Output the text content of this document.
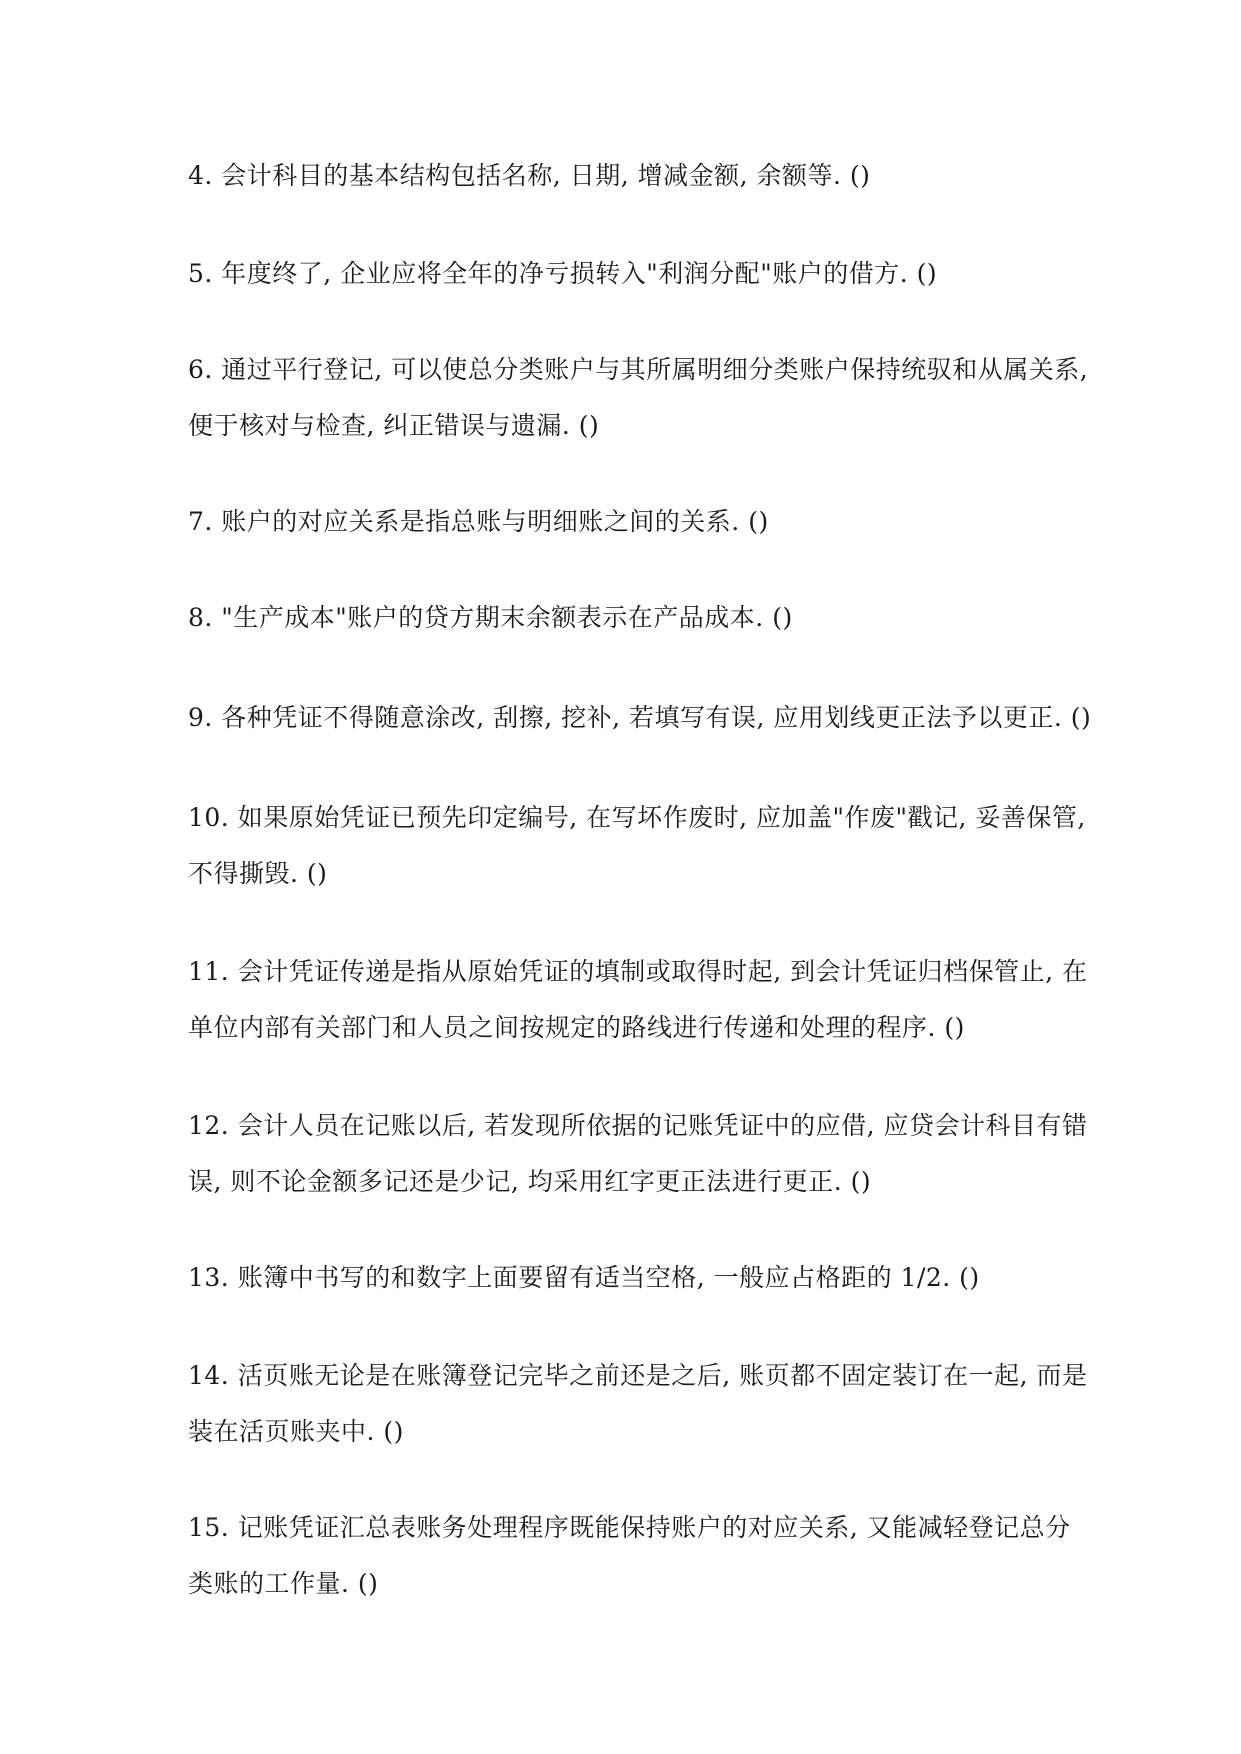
4. 会计科目的基本结构包括名称, 日期, 增减金额, 余额等. ()
5. 年度终了, 企业应将全年的净亏损转入"利润分配"账户的借方. ()
6. 通过平行登记, 可以使总分类账户与其所属明细分类账户保持统驭和从属关系,
便于核对与检查, 纠正错误与遗漏. ()
7. 账户的对应关系是指总账与明细账之间的关系. ()
8. "生产成本"账户的贷方期末余额表示在产品成本. ()
9. 各种凭证不得随意涂改, 刮擦, 挖补, 若填写有误, 应用划线更正法予以更正. ()
10. 如果原始凭证已预先印定编号, 在写坏作废时, 应加盖"作废"戳记, 妥善保管,
不得撕毁. ()
11. 会计凭证传递是指从原始凭证的填制或取得时起, 到会计凭证归档保管止, 在
单位内部有关部门和人员之间按规定的路线进行传递和处理的程序. ()
12. 会计人员在记账以后, 若发现所依据的记账凭证中的应借, 应贷会计科目有错
误, 则不论金额多记还是少记, 均采用红字更正法进行更正. ()
13. 账簿中书写的和数字上面要留有适当空格, 一般应占格距的 1/2. ()
14. 活页账无论是在账簿登记完毕之前还是之后, 账页都不固定装订在一起, 而是
装在活页账夹中. ()
15. 记账凭证汇总表账务处理程序既能保持账户的对应关系, 又能减轻登记总分
类账的工作量. ()
